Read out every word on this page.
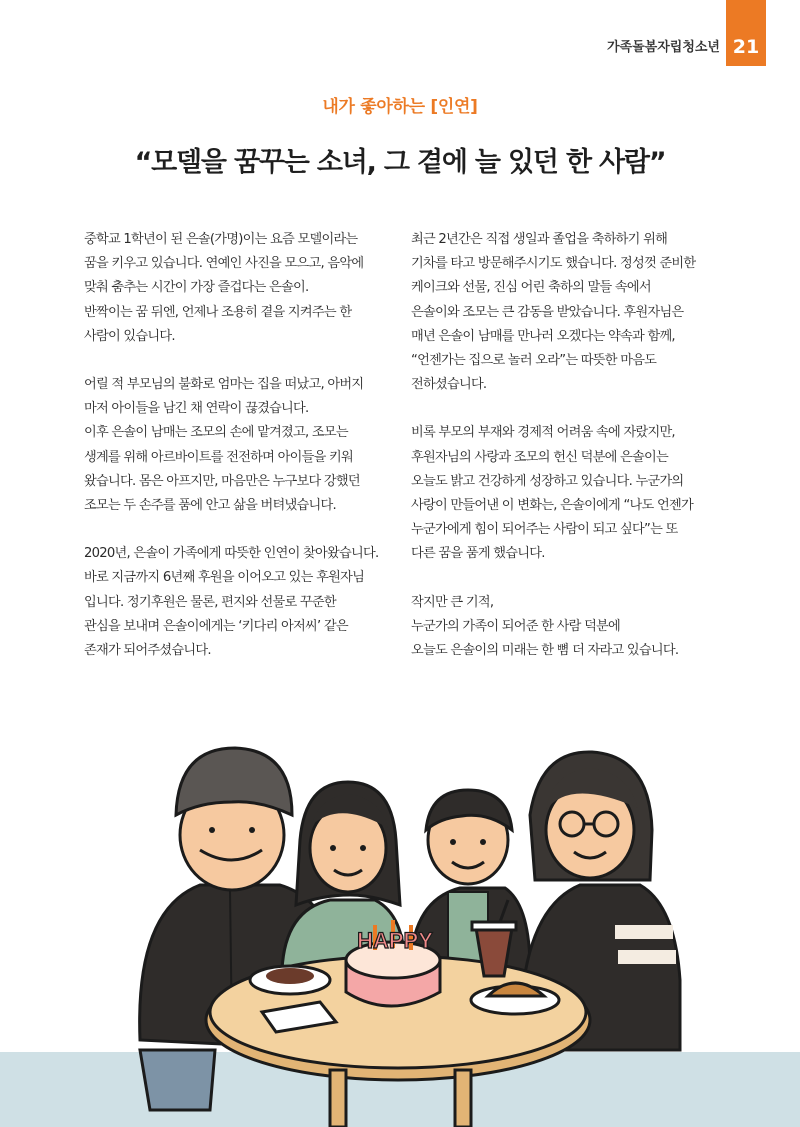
가족돌봄자립청소년 21
내가 좋아하는 [인연]
“모델을 꿈꾸는 소녀, 그 곁에 늘 있던 한 사람”

중학교 1학년이 된 은솔(가명)이는 요즘 모델이라는
꿈을 키우고 있습니다. 연예인 사진을 모으고, 음악에
맞춰 춤추는 시간이 가장 즐겁다는 은솔이.
반짝이는 꿈 뒤엔, 언제나 조용히 곁을 지켜주는 한
사람이 있습니다.

어릴 적 부모님의 불화로 엄마는 집을 떠났고, 아버지
마저 아이들을 남긴 채 연락이 끊겼습니다.
이후 은솔이 남매는 조모의 손에 맡겨졌고, 조모는
생계를 위해 아르바이트를 전전하며 아이들을 키워
왔습니다. 몸은 아프지만, 마음만은 누구보다 강했던
조모는 두 손주를 품에 안고 삶을 버텨냈습니다.

2020년, 은솔이 가족에게 따뜻한 인연이 찾아왔습니다.
바로 지금까지 6년째 후원을 이어오고 있는 후원자님
입니다. 정기후원은 물론, 편지와 선물로 꾸준한
관심을 보내며 은솔이에게는 ‘키다리 아저씨’ 같은
존재가 되어주셨습니다.

최근 2년간은 직접 생일과 졸업을 축하하기 위해
기차를 타고 방문해주시기도 했습니다. 정성껏 준비한
케이크와 선물, 진심 어린 축하의 말들 속에서
은솔이와 조모는 큰 감동을 받았습니다. 후원자님은
매년 은솔이 남매를 만나러 오겠다는 약속과 함께,
“언젠가는 집으로 놀러 오라”는 따뜻한 마음도
전하셨습니다.

비록 부모의 부재와 경제적 어려움 속에 자랐지만,
후원자님의 사랑과 조모의 헌신 덕분에 은솔이는
오늘도 밝고 건강하게 성장하고 있습니다. 누군가의
사랑이 만들어낸 이 변화는, 은솔이에게 “나도 언젠가
누군가에게 힘이 되어주는 사람이 되고 싶다”는 또
다른 꿈을 품게 했습니다.

작지만 큰 기적,
누군가의 가족이 되어준 한 사람 덕분에
오늘도 은솔이의 미래는 한 뼘 더 자라고 있습니다.

HAPPY
